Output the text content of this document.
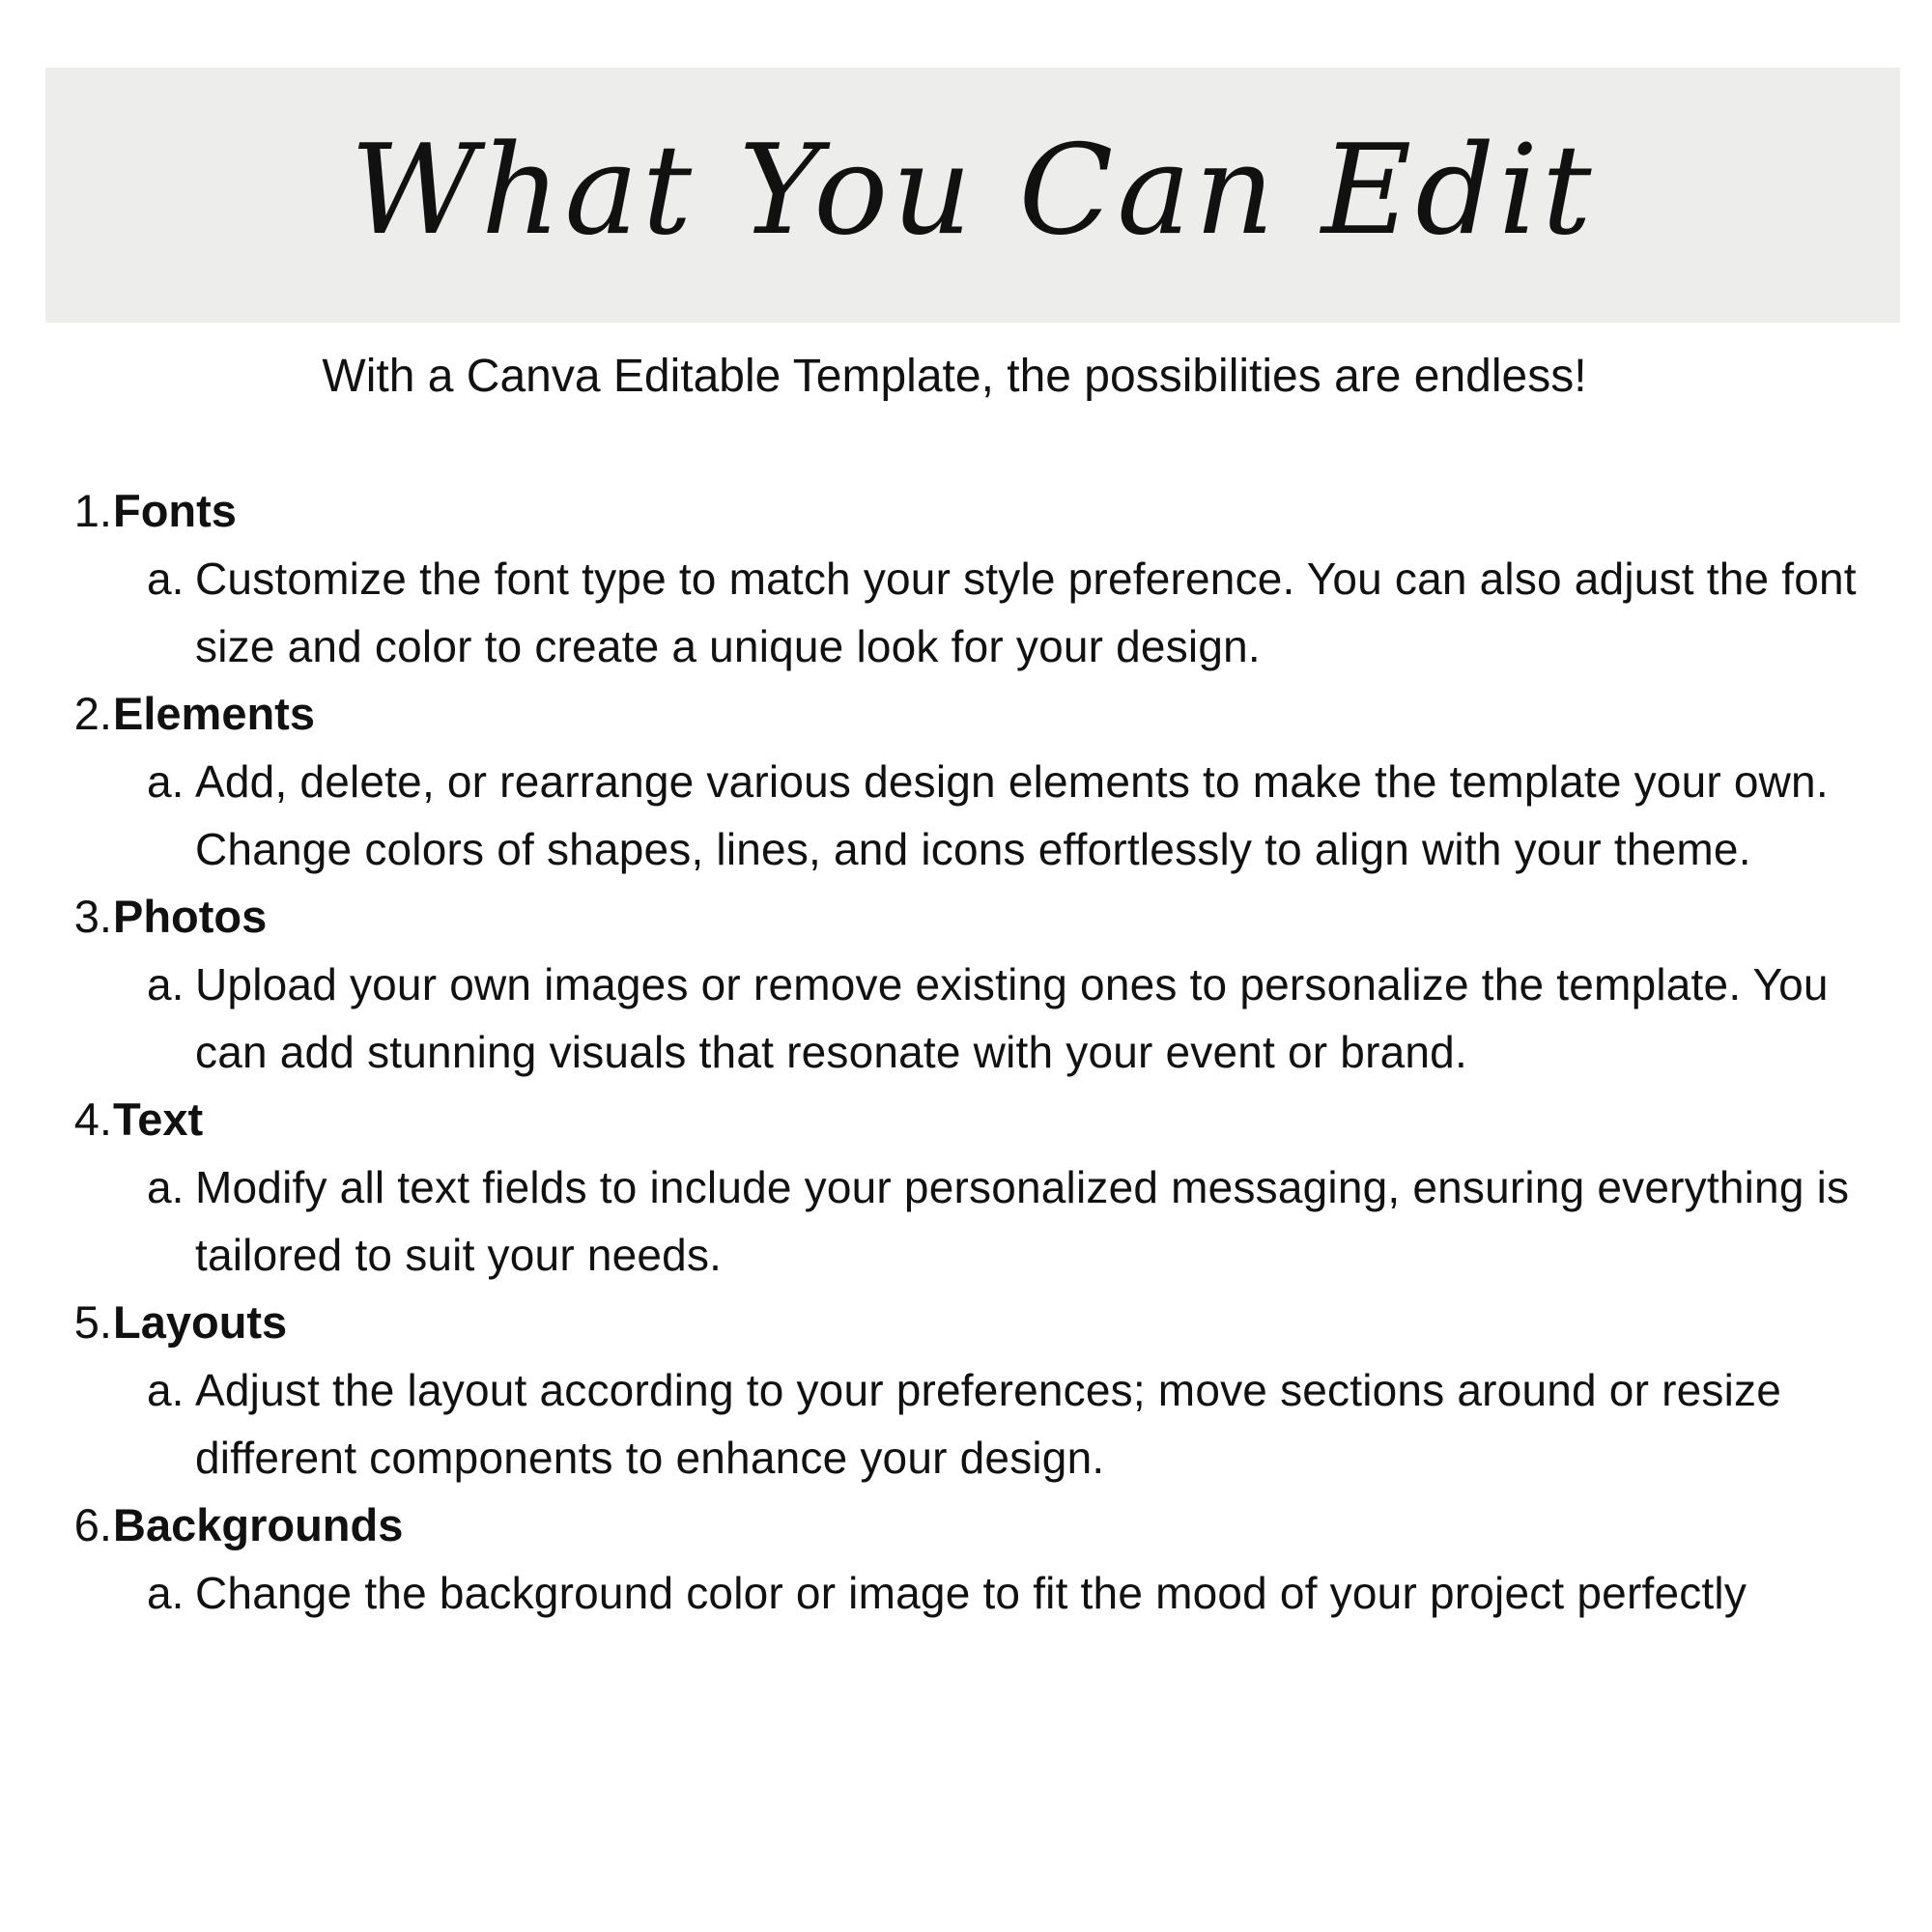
What You Can Edit
With a Canva Editable Template, the possibilities are endless!
1. Fonts
a. Customize the font type to match your style preference. You can also adjust the font size and color to create a unique look for your design.
2. Elements
a. Add, delete, or rearrange various design elements to make the template your own. Change colors of shapes, lines, and icons effortlessly to align with your theme.
3. Photos
a. Upload your own images or remove existing ones to personalize the template. You can add stunning visuals that resonate with your event or brand.
4. Text
a. Modify all text fields to include your personalized messaging, ensuring everything is tailored to suit your needs.
5. Layouts
a. Adjust the layout according to your preferences; move sections around or resize different components to enhance your design.
6. Backgrounds
a. Change the background color or image to fit the mood of your project perfectly
